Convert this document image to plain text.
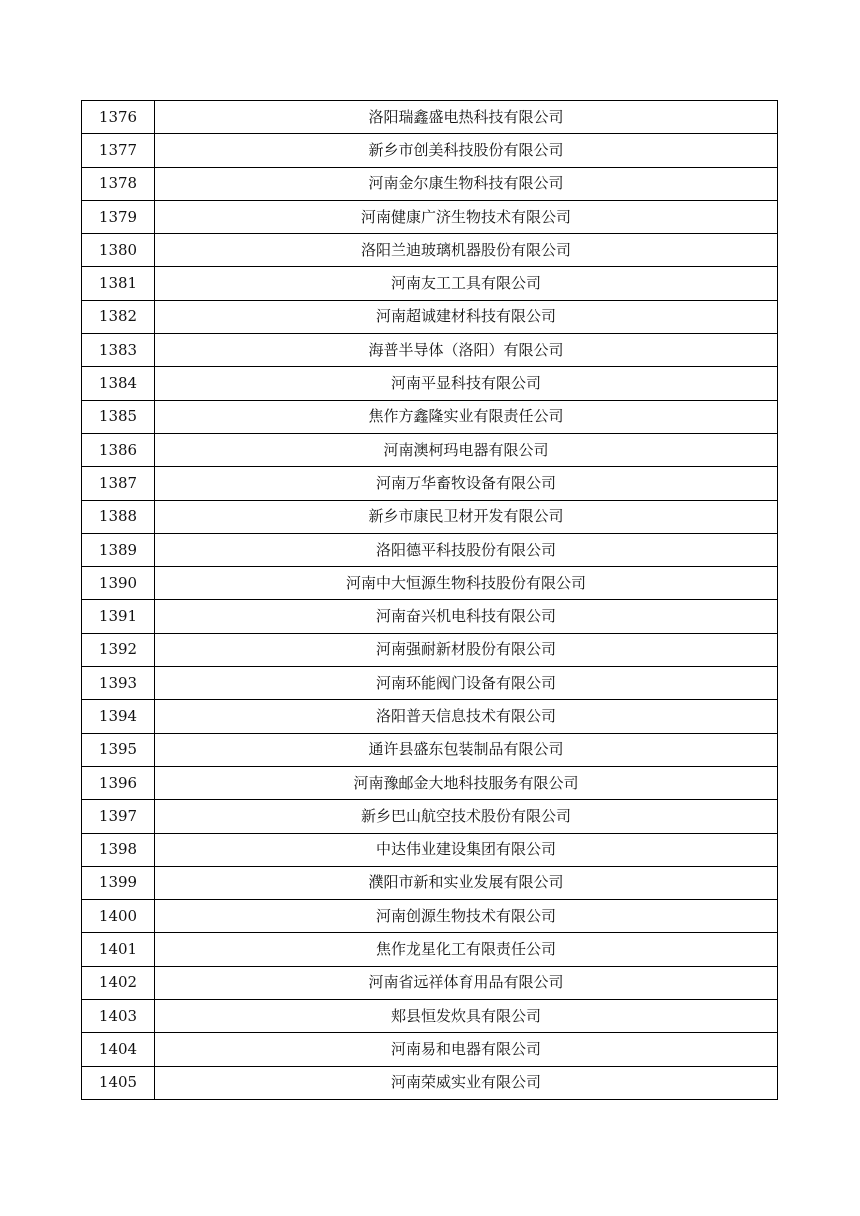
1376	洛阳瑞鑫盛电热科技有限公司
1377	新乡市创美科技股份有限公司
1378	河南金尔康生物科技有限公司
1379	河南健康广济生物技术有限公司
1380	洛阳兰迪玻璃机器股份有限公司
1381	河南友工工具有限公司
1382	河南超诚建材科技有限公司
1383	海普半导体（洛阳）有限公司
1384	河南平显科技有限公司
1385	焦作方鑫隆实业有限责任公司
1386	河南澳柯玛电器有限公司
1387	河南万华畜牧设备有限公司
1388	新乡市康民卫材开发有限公司
1389	洛阳德平科技股份有限公司
1390	河南中大恒源生物科技股份有限公司
1391	河南奋兴机电科技有限公司
1392	河南强耐新材股份有限公司
1393	河南环能阀门设备有限公司
1394	洛阳普天信息技术有限公司
1395	通许县盛东包装制品有限公司
1396	河南豫邮金大地科技服务有限公司
1397	新乡巴山航空技术股份有限公司
1398	中达伟业建设集团有限公司
1399	濮阳市新和实业发展有限公司
1400	河南创源生物技术有限公司
1401	焦作龙星化工有限责任公司
1402	河南省远祥体育用品有限公司
1403	郏县恒发炊具有限公司
1404	河南易和电器有限公司
1405	河南荣威实业有限公司
